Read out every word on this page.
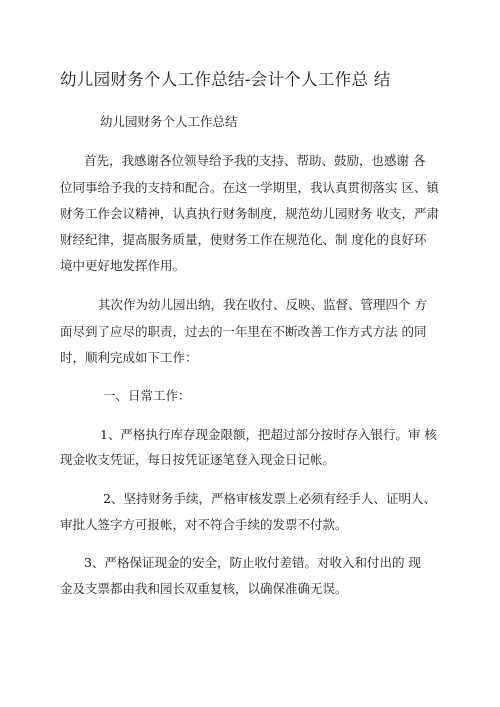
幼儿园财务个人工作总结-会计个人工作总 结
幼儿园财务个人工作总结
首先，我感谢各位领导给予我的支持、帮助、鼓励，也感谢 各
位同事给予我的支持和配合。在这一学期里，我认真贯彻落实 区、镇
财务工作会议精神，认真执行财务制度，规范幼儿园财务 收支，严肃
财经纪律，提高服务质量，使财务工作在规范化、制 度化的良好环
境中更好地发挥作用。
其次作为幼儿园出纳，我在收付、反映、监督、管理四个 方
面尽到了应尽的职责，过去的一年里在不断改善工作方式方法 的同
时，顺利完成如下工作：
一、日常工作：
1、严格执行库存现金限额，把超过部分按时存入银行。审 核
现金收支凭证，每日按凭证逐笔登入现金日记帐。
2、坚持财务手续，严格审核发票上必须有经手人、证明人、
审批人签字方可报帐，对不符合手续的发票不付款。
3、严格保证现金的安全，防止收付差错。对收入和付出的 现
金及支票都由我和园长双重复核，以确保准确无误。
